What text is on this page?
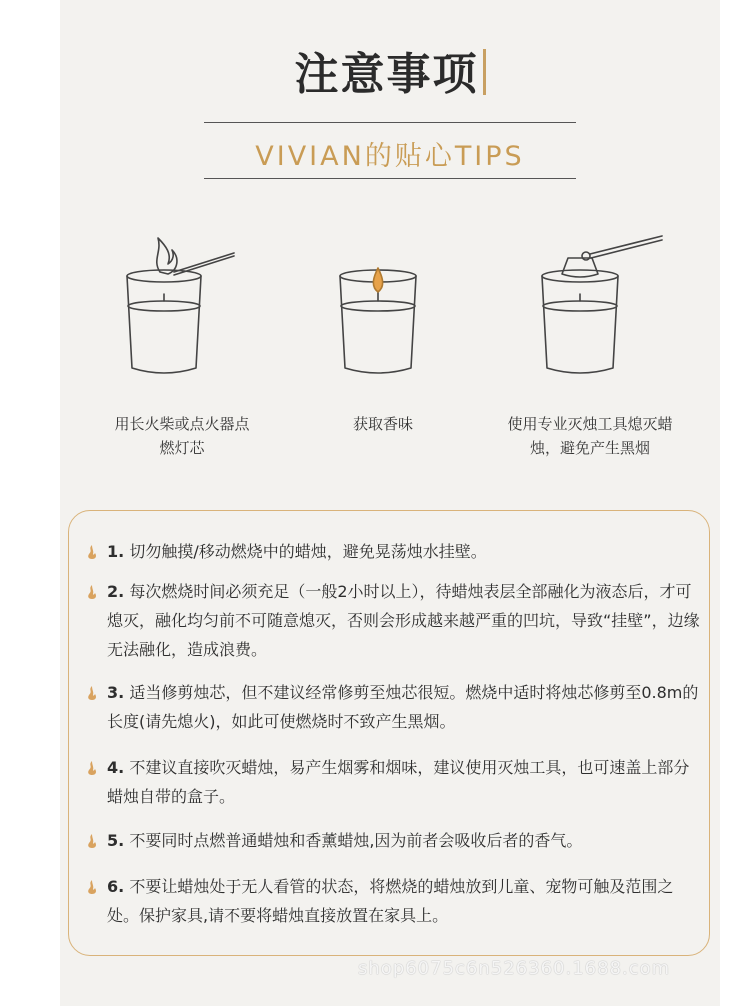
注意事项
VIVIAN的贴心TIPS
用长火柴或点火器点燃灯芯
获取香味	使用专业灭烛工具熄灭蜡烛，避免产生黑烟
1. 切勿触摸/移动燃烧中的蜡烛，避免晃荡烛水挂壁。
2. 每次燃烧时间必须充足（一般2小时以上），待蜡烛表层全部融化为液态后，才可熄灭，融化均匀前不可随意熄灭，否则会形成越来越严重的凹坑，导致“挂壁”，边缘无法融化，造成浪费。
3. 适当修剪烛芯，但不建议经常修剪至烛芯很短。燃烧中适时将烛芯修剪至0.8m的长度(请先熄火)，如此可使燃烧时不致产生黑烟。
4. 不建议直接吹灭蜡烛，易产生烟雾和烟味，建议使用灭烛工具，也可速盖上部分蜡烛自带的盒子。
5. 不要同时点燃普通蜡烛和香薰蜡烛,因为前者会吸收后者的香气。
6. 不要让蜡烛处于无人看管的状态，将燃烧的蜡烛放到儿童、宠物可触及范围之处。保护家具,请不要将蜡烛直接放置在家具上。
shop6075c6n526360.1688.com
